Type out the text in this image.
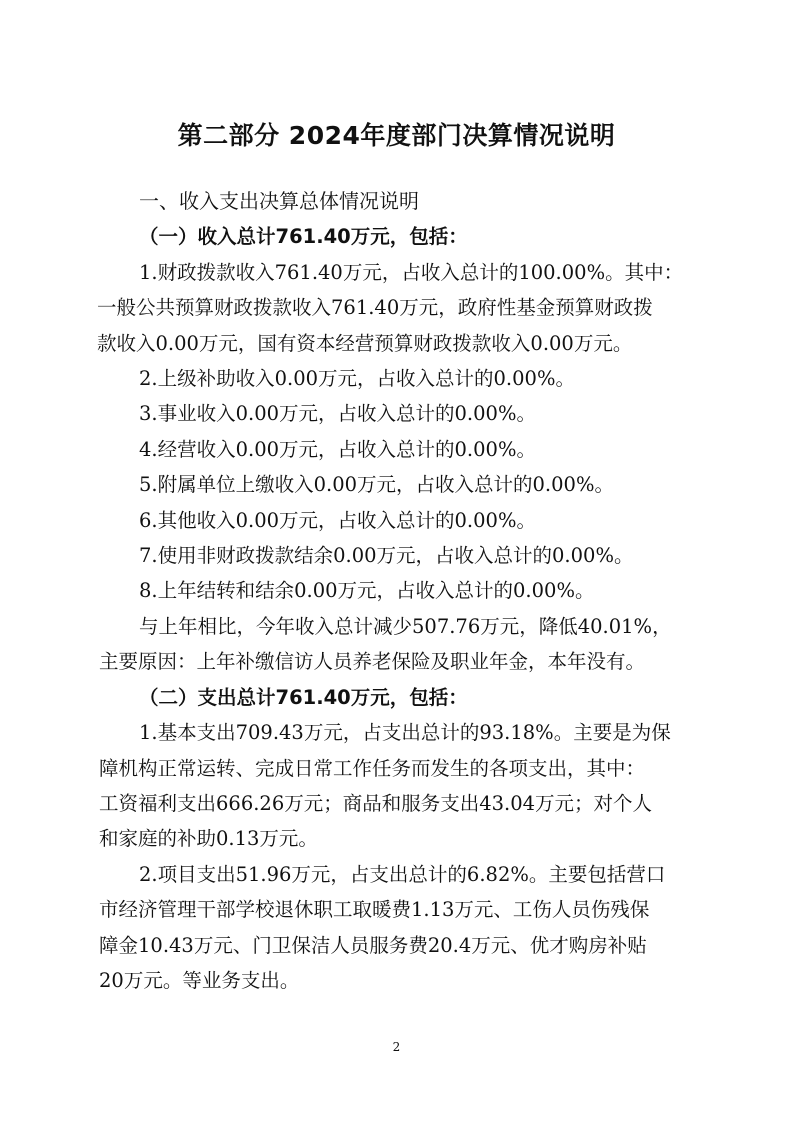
第二部分 2024年度部门决算情况说明

一、收入支出决算总体情况说明

（一）收入总计761.40万元，包括：

1.财政拨款收入761.40万元，占收入总计的100.00%。其中：
一般公共预算财政拨款收入761.40万元，政府性基金预算财政拨
款收入0.00万元，国有资本经营预算财政拨款收入0.00万元。

2.上级补助收入0.00万元，占收入总计的0.00%。

3.事业收入0.00万元，占收入总计的0.00%。

4.经营收入0.00万元，占收入总计的0.00%。

5.附属单位上缴收入0.00万元，占收入总计的0.00%。

6.其他收入0.00万元，占收入总计的0.00%。

7.使用非财政拨款结余0.00万元，占收入总计的0.00%。

8.上年结转和结余0.00万元，占收入总计的0.00%。

与上年相比，今年收入总计减少507.76万元，降低40.01%，
主要原因：上年补缴信访人员养老保险及职业年金，本年没有。

（二）支出总计761.40万元，包括：

1.基本支出709.43万元，占支出总计的93.18%。主要是为保
障机构正常运转、完成日常工作任务而发生的各项支出，其中：
工资福利支出666.26万元；商品和服务支出43.04万元；对个人
和家庭的补助0.13万元。

2.项目支出51.96万元，占支出总计的6.82%。主要包括营口
市经济管理干部学校退休职工取暖费1.13万元、工伤人员伤残保
障金10.43万元、门卫保洁人员服务费20.4万元、优才购房补贴
20万元。等业务支出。

2
